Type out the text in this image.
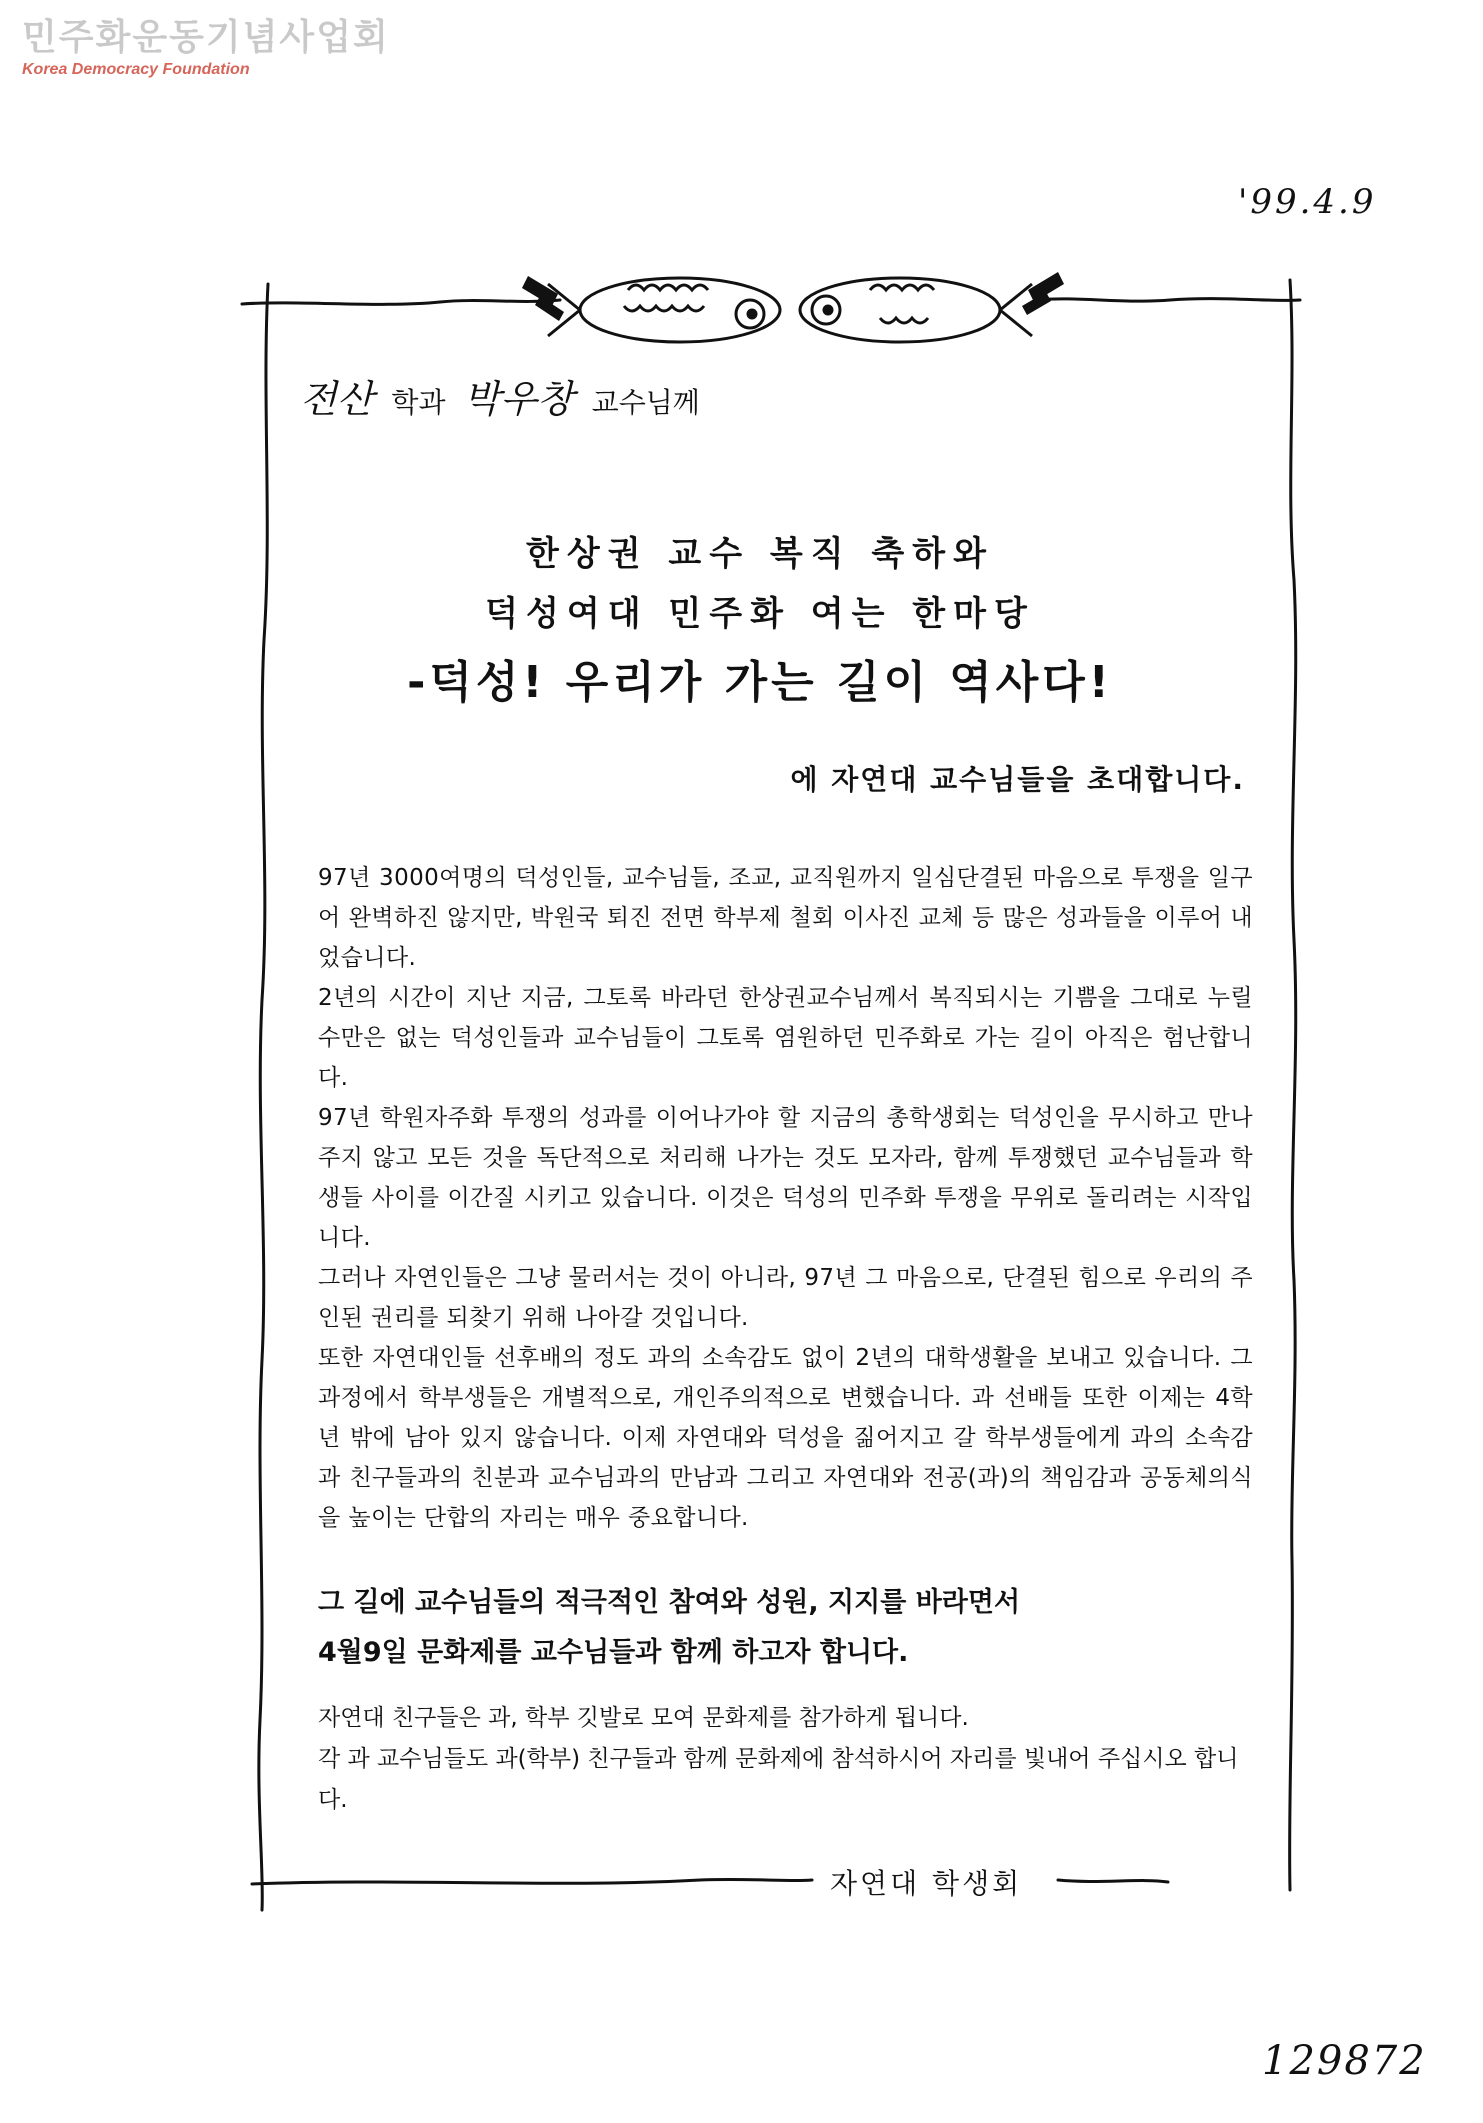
민주화운동기념사업회
Korea Democracy Foundation
'99.4.9
전산 학과 박우창 교수님께
한상권 교수 복직 축하와
덕성여대 민주화 여는 한마당
-덕성! 우리가 가는 길이 역사다!
에 자연대 교수님들을 초대합니다.

97년 3000여명의 덕성인들, 교수님들, 조교, 교직원까지 일심단결된 마음으로 투쟁을 일구어 완벽하진 않지만, 박원국 퇴진 전면 학부제 철회 이사진 교체 등 많은 성과들을 이루어 내었습니다.

2년의 시간이 지난 지금, 그토록 바라던 한상권교수님께서 복직되시는 기쁨을 그대로 누릴 수만은 없는 덕성인들과 교수님들이 그토록 염원하던 민주화로 가는 길이 아직은 험난합니다.

97년 학원자주화 투쟁의 성과를 이어나가야 할 지금의 총학생회는 덕성인을 무시하고 만나주지 않고 모든 것을 독단적으로 처리해 나가는 것도 모자라, 함께 투쟁했던 교수님들과 학생들 사이를 이간질 시키고 있습니다. 이것은 덕성의 민주화 투쟁을 무위로 돌리려는 시작입니다.

그러나 자연인들은 그냥 물러서는 것이 아니라, 97년 그 마음으로, 단결된 힘으로 우리의 주인된 권리를 되찾기 위해 나아갈 것입니다.

또한 자연대인들 선후배의 정도 과의 소속감도 없이 2년의 대학생활을 보내고 있습니다. 그 과정에서 학부생들은 개별적으로, 개인주의적으로 변했습니다. 과 선배들 또한 이제는 4학년 밖에 남아 있지 않습니다. 이제 자연대와 덕성을 짊어지고 갈 학부생들에게 과의 소속감과 친구들과의 친분과 교수님과의 만남과 그리고 자연대와 전공(과)의 책임감과 공동체의식을 높이는 단합의 자리는 매우 중요합니다.

그 길에 교수님들의 적극적인 참여와 성원, 지지를 바라면서

4월9일 문화제를 교수님들과 함께 하고자 합니다.

자연대 친구들은 과, 학부 깃발로 모여 문화제를 참가하게 됩니다.

각 과 교수님들도 과(학부) 친구들과 함께 문화제에 참석하시어 자리를 빛내어 주십시오 합니다.

자연대 학생회
129872
